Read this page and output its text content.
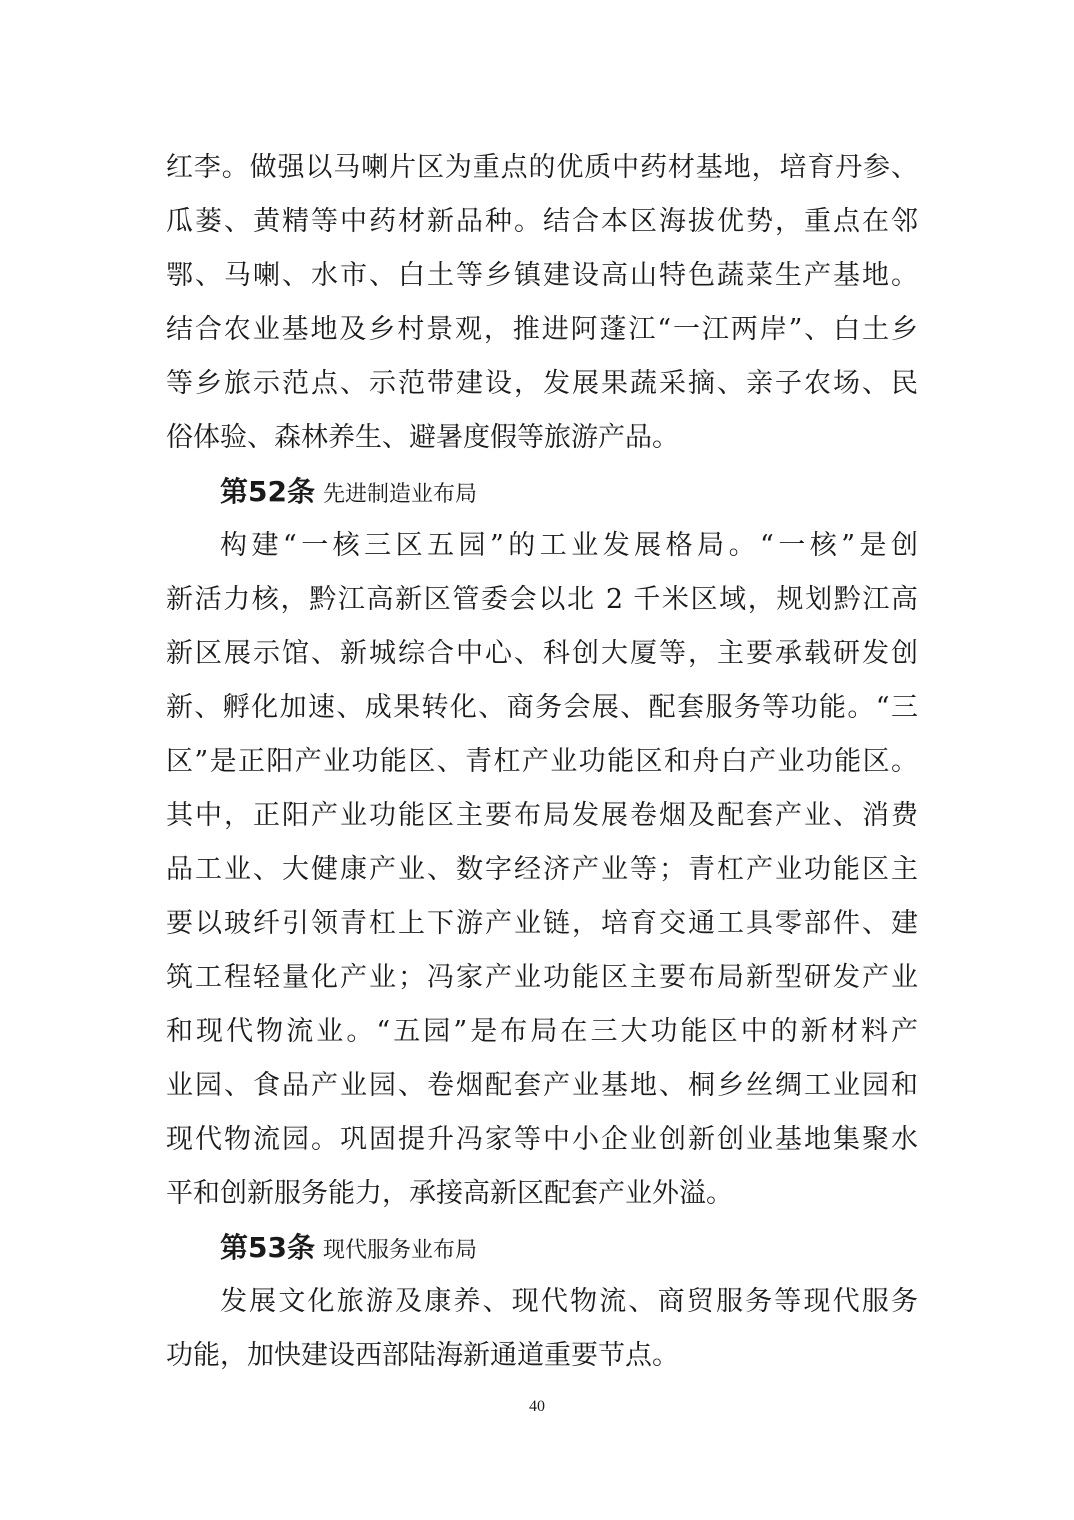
红李。做强以马喇片区为重点的优质中药材基地，培育丹参、
瓜蒌、黄精等中药材新品种。结合本区海拔优势，重点在邻
鄂、马喇、水市、白土等乡镇建设高山特色蔬菜生产基地。
结合农业基地及乡村景观，推进阿蓬江“一江两岸”、白土乡
等乡旅示范点、示范带建设，发展果蔬采摘、亲子农场、民
俗体验、森林养生、避暑度假等旅游产品。
第52条 先进制造业布局
构建“一核三区五园”的工业发展格局。“一核”是创
新活力核，黔江高新区管委会以北 2 千米区域，规划黔江高
新区展示馆、新城综合中心、科创大厦等，主要承载研发创
新、孵化加速、成果转化、商务会展、配套服务等功能。“三
区”是正阳产业功能区、青杠产业功能区和舟白产业功能区。
其中，正阳产业功能区主要布局发展卷烟及配套产业、消费
品工业、大健康产业、数字经济产业等；青杠产业功能区主
要以玻纤引领青杠上下游产业链，培育交通工具零部件、建
筑工程轻量化产业；冯家产业功能区主要布局新型研发产业
和现代物流业。“五园”是布局在三大功能区中的新材料产
业园、食品产业园、卷烟配套产业基地、桐乡丝绸工业园和
现代物流园。巩固提升冯家等中小企业创新创业基地集聚水
平和创新服务能力，承接高新区配套产业外溢。
第53条 现代服务业布局
发展文化旅游及康养、现代物流、商贸服务等现代服务
功能，加快建设西部陆海新通道重要节点。
40
